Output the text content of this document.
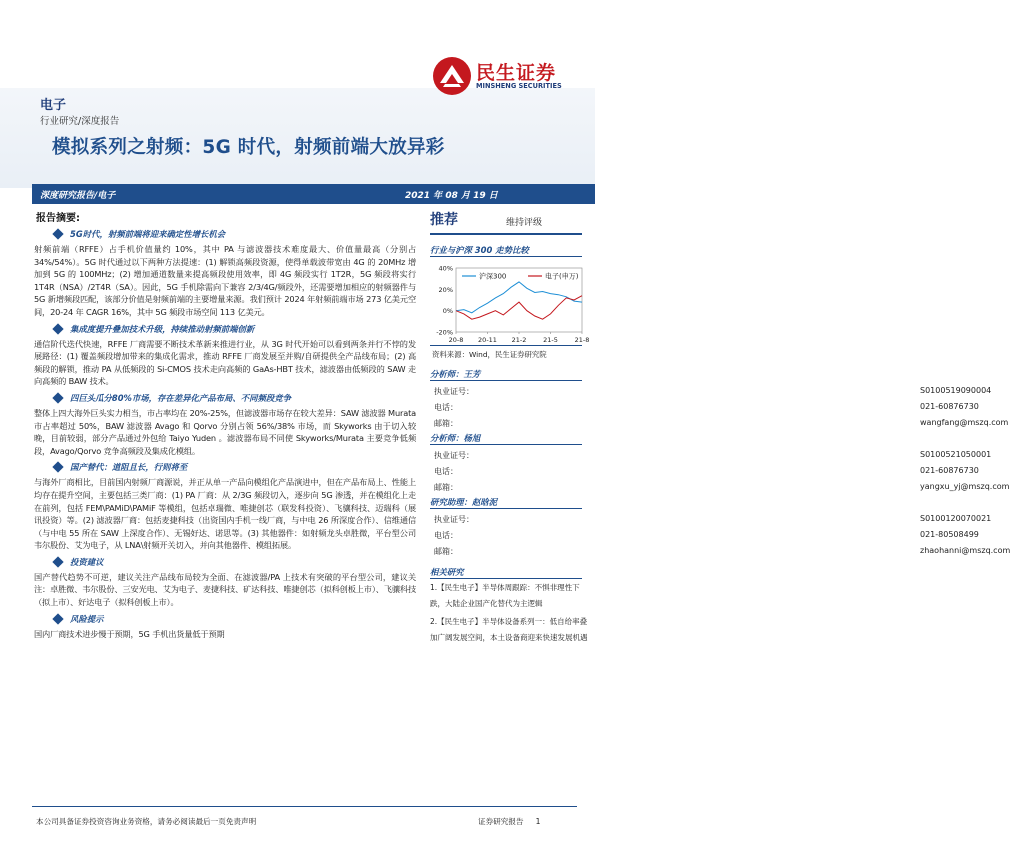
民生证券
MINSHENG SECURITIES
电子
行业研究/深度报告
模拟系列之射频：5G 时代，射频前端大放异彩
深度研究报告/电子	2021 年 08 月 19 日
报告摘要:
5G时代，射频前端将迎来确定性增长机会
射频前端（RFFE）占手机价值量约 10%，其中 PA 与滤波器技术难度最大、价值量最高（分别占 34%/54%）。5G 时代通过以下两种方法提速：(1) 解锁高频段资源，使得单载波带宽由 4G 的 20MHz 增加到 5G 的 100MHz；(2) 增加通道数量来提高频段使用效率，即 4G 频段实行 1T2R，5G 频段将实行 1T4R（NSA）/2T4R（SA）。因此，5G 手机除需向下兼容 2/3/4G/频段外，还需要增加相应的射频器件与 5G 新增频段匹配，该部分价值是射频前端的主要增量来源。我们预计 2024 年射频前端市场 273 亿美元空间，20-24 年 CAGR 16%，其中 5G 频段市场空间 113 亿美元。
集成度提升叠加技术升级，持续推动射频前端创新
通信阶代迭代快速，RFFE 厂商需要不断技术革新来推进行业，从 3G 时代开始可以看到两条并行不悖的发展路径：(1) 覆盖频段增加带来的集成化需求，推动 RFFE 厂商发展至并购/自研提供全产品线布局；(2) 高频段的解锁，推动 PA 从低频段的 Si-CMOS 技术走向高频的 GaAs-HBT 技术，滤波器由低频段的 SAW 走向高频的 BAW 技术。
四巨头瓜分80%市场，存在差异化产品布局、不同频段竞争
整体上四大海外巨头实力相当，市占率均在 20%-25%，但滤波器市场存在较大差异：SAW 滤波器 Murata 市占率超过 50%，BAW 滤波器 Avago 和 Qorvo 分别占领 56%/38% 市场，而 Skyworks 由于切入较晚，目前较弱，部分产品通过外包给 Taiyo Yuden 。滤波器布局不同使 Skyworks/Murata 主要竞争低频段，Avago/Qorvo 竞争高频段及集成化模组。
国产替代：道阻且长，行则将至
与海外厂商相比，目前国内射频厂商源说，并正从单一产品向模组化产品演进中，但在产品布局上、性能上均存在提升空间，主要包括三类厂商：(1) PA 厂商：从 2/3G 频段切入，逐步向 5G 渗透，并在模组化上走在前列，包括 FEM\PAMiD\PAMiF 等模组，包括卓瑞微、唯捷创芯（联发科投资）、飞骧科技、迈瑞科（展讯投资）等。(2) 滤波器厂商：包括麦捷科技（出资国内手机一线厂商，与中电 26 所深度合作）、信维通信（与中电 55 所在 SAW 上深度合作）、无锡好达、诺思等。(3) 其他器件：如射频龙头卓胜微，平台型公司韦尔股份、艾为电子，从 LNA\射频开关切入，并向其他器件、模组拓展。
投资建议
国产替代趋势不可逆，建议关注产品线布局较为全面、在滤波器/PA 上技术有突破的平台型公司，建议关注：卓胜微、韦尔股份、三安光电、艾为电子、麦捷科技、矿达科技、唯捷创芯（拟科创板上市）、飞骧科技（拟上市）、好达电子（拟科创板上市）。
风险提示
国内厂商技术进步慢于预期，5G 手机出货量低于预期
推荐	维持评级
行业与沪深 300 走势比较
40%
20%
0%
-20%
20-8 20-11 21-2	21-5	21-8
沪深300	电子(申万)
资料来源：Wind，民生证券研究院
分析师：王芳
执业证号：	S0100519090004
电话：	021-60876730
邮箱：	wangfang@mszq.com
分析师：杨旭
执业证号：	S0100521050001
电话：	021-60876730
邮箱：	yangxu_yj@mszq.com
研究助理：赵晗泥
执业证号：	S0100120070021
电话：	021-80508499
邮箱：	zhaohanni@mszq.com
相关研究
1.【民生电子】半导体周跟踪：不惧非理性下跌，大陆企业国产化替代为主逻辑
2.【民生电子】半导体设备系列一：低自给率叠加广阔发展空间，本土设备商迎来快速发展机遇
本公司具备证券投资咨询业务资格，请务必阅读最后一页免责声明	证券研究报告 1
